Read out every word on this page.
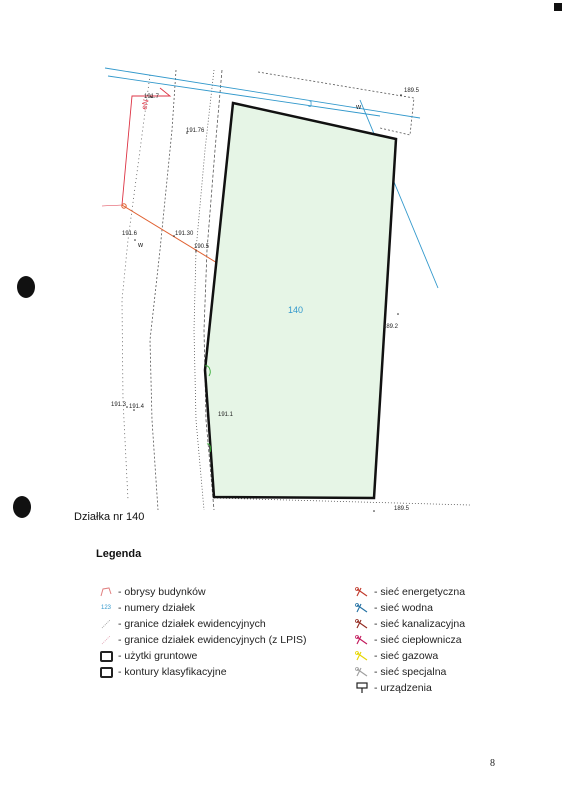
191.7
191.76
189.5
191.6	191.30
190.5
189.2
191.3 191.4
191.1
189.5
eN
w
w
J
140
Działka nr 140
Legenda
- obrysy budynków
123 - numery działek
- granice działek ewidencyjnych
- granice działek ewidencyjnych (z LPIS)
- użytki gruntowe
- kontury klasyfikacyjne
- sieć energetyczna
- sieć wodna
- sieć kanalizacyjna
- sieć ciepłownicza
- sieć gazowa
- sieć specjalna
- urządzenia
8
